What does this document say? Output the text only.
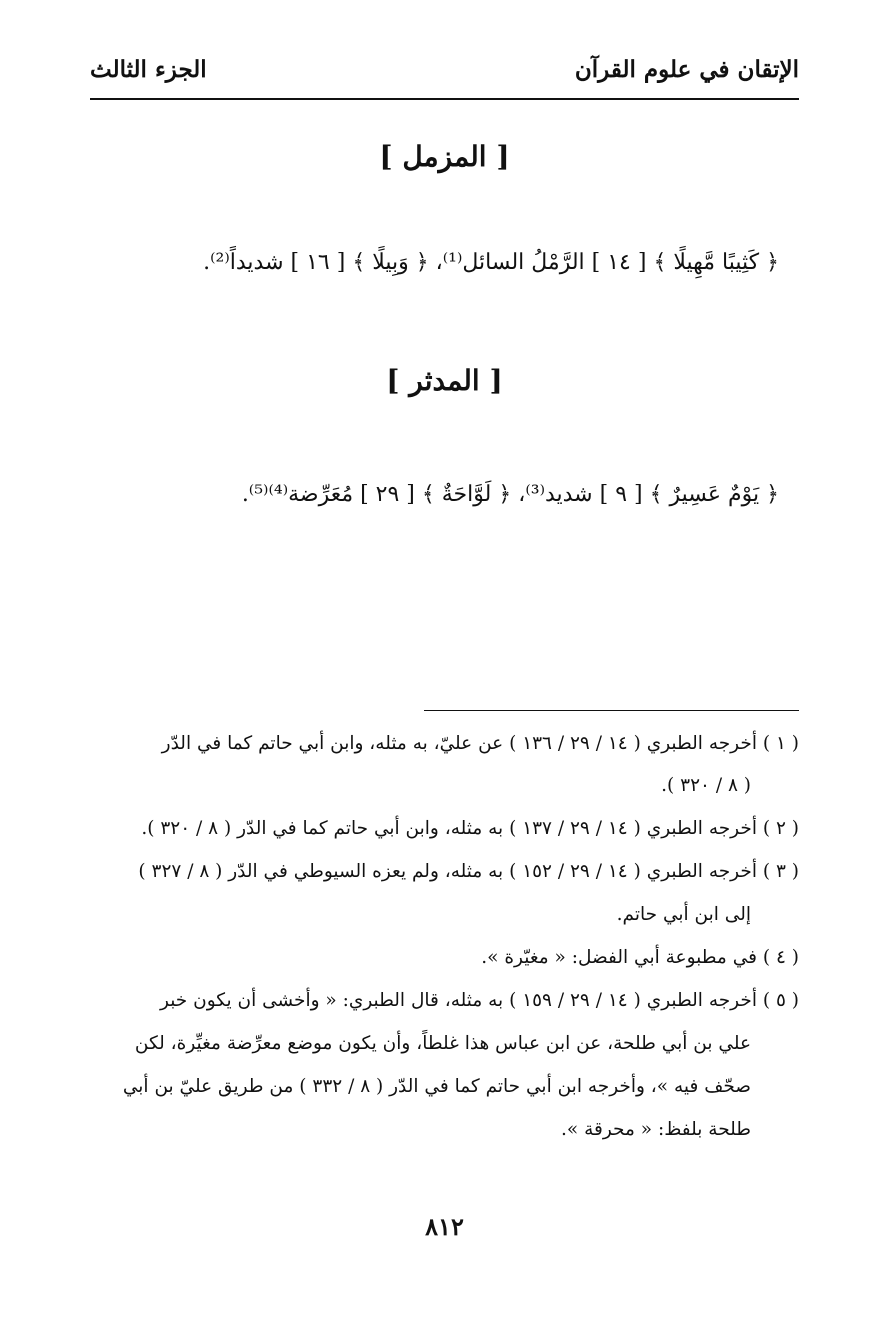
الإتقان في علوم القرآن
الجزء الثالث
[ المزمل ]
﴿ كَثِيبًا مَّهِيلًا ﴾ [ ١٤ ] الرَّمْلُ السائل⁽¹⁾، ﴿ وَبِيلًا ﴾ [ ١٦ ] شديداً⁽²⁾.
[ المدثر ]
﴿ يَوْمٌ عَسِيرٌ ﴾ [ ٩ ] شديد⁽³⁾، ﴿ لَوَّاحَةٌ ﴾ [ ٢٩ ] مُعَرِّضة⁽⁴⁾⁽⁵⁾.
( ١ ) أخرجه الطبري ( ١٤ / ٢٩ / ١٣٦ ) عن عليّ، به مثله، وابن أبي حاتم كما في الدّر
( ٨ / ٣٢٠ ).
( ٢ ) أخرجه الطبري ( ١٤ / ٢٩ / ١٣٧ ) به مثله، وابن أبي حاتم كما في الدّر ( ٨ / ٣٢٠ ).
( ٣ ) أخرجه الطبري ( ١٤ / ٢٩ / ١٥٢ ) به مثله، ولم يعزه السيوطي في الدّر ( ٨ / ٣٢٧ )
إلى ابن أبي حاتم.
( ٤ ) في مطبوعة أبي الفضل: « مغيّرة ».
( ٥ ) أخرجه الطبري ( ١٤ / ٢٩ / ١٥٩ ) به مثله، قال الطبري: « وأخشى أن يكون خبر
علي بن أبي طلحة، عن ابن عباس هذا غلطاً، وأن يكون موضع معرِّضة مغيِّرة، لكن
صحّف فيه »، وأخرجه ابن أبي حاتم كما في الدّر ( ٨ / ٣٣٢ ) من طريق عليّ بن أبي
طلحة بلفظ: « محرقة ».
٨١٢
